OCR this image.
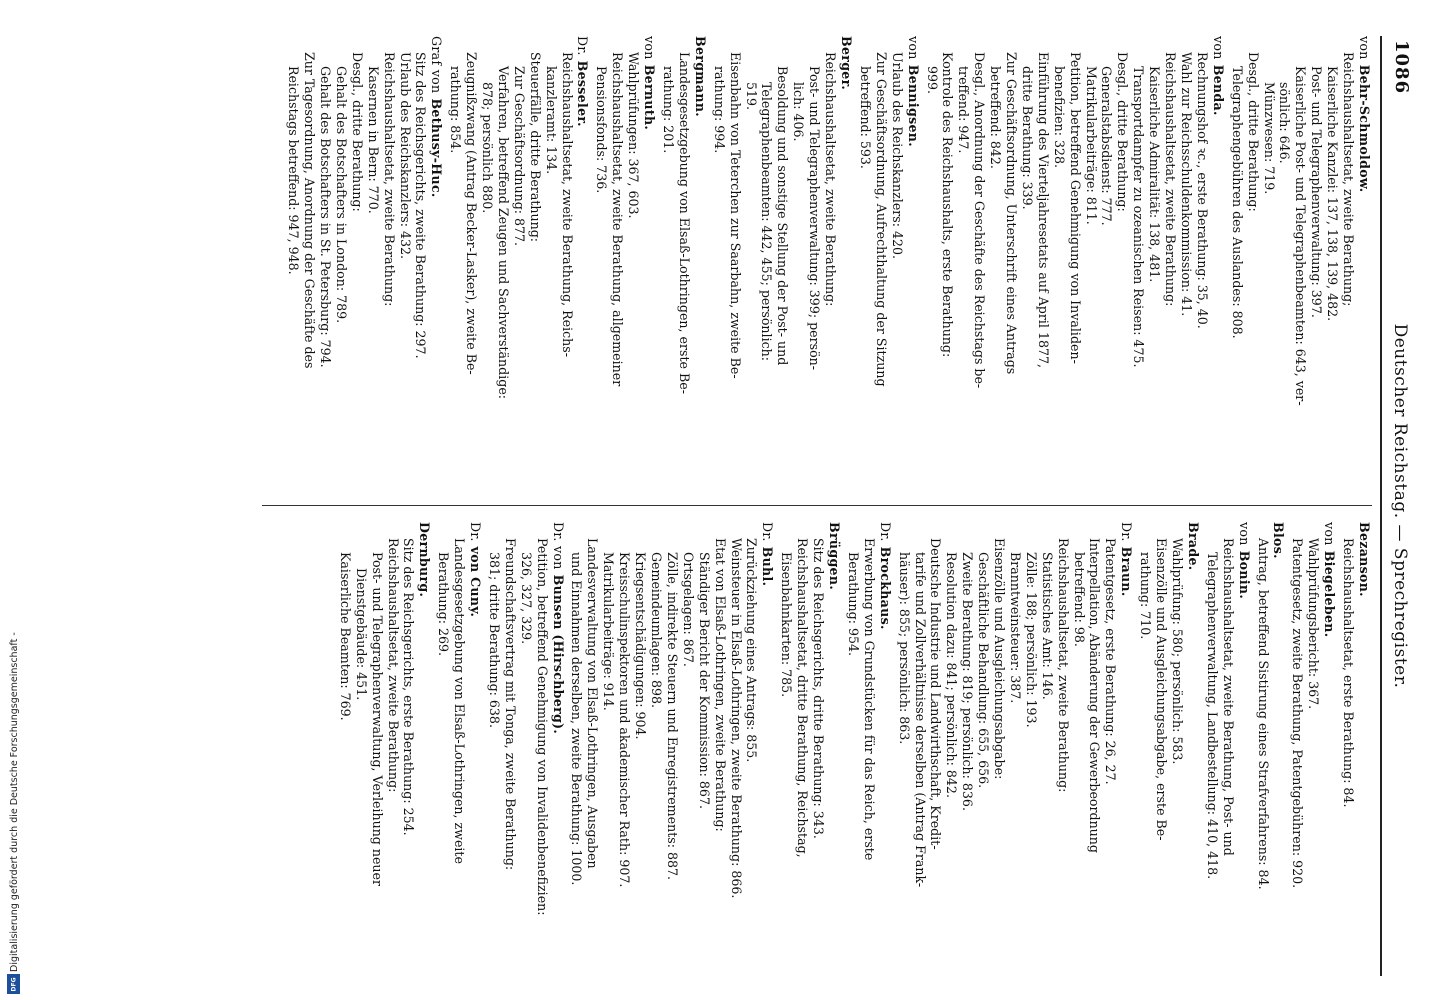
1086
Deutscher Reichstag. — Sprechregister.
vonBehr-Schmoldow.
Reichshaushaltsetat, zweite Berathung;
Kaiserliche Kanzlei: 137, 138, 139, 482.
Post- und Telegraphenverwaltung: 397.
Kaiserliche Post- und Telegraphenbeamten: 643, ver-
sönlich: 646.
Münzwesen: 719.
Desgl., dritte Berathung:
Telegraphengebühren des Auslandes: 808.
vonBenda.
Rechnungshof ꝛc., erste Berathung: 35, 40.
Wahl zur Reichsschuldenkommission: 41.
Reichshaushaltsetat, zweite Berathung:
Kaiserliche Admiralität: 138, 481.
Transportdampfer zu ozeanischen Reisen: 475.
Desgl., dritte Berathung:
Generalstabsdienst: 777.
Matrikularbeiträge: 811.
Petition, betreffend Genehmigung von Invaliden-
benefizien: 328.
Einführung des Vierteljahresetats auf April 1877,
dritte Berathung: 339.
Zur Geschäftsordnung, Unterschrift eines Antrags
betreffend: 842.
Desgl., Anordnung der Geschäfte des Reichstags be-
treffend: 947.
Kontrole des Reichshaushalts, erste Berathung:
999.
vonBennigsen.
Urlaub des Reichskanzlers: 420.
Zur Geschäftsordnung, Aufrechthaltung der Sitzung
betreffend: 593.
Berger.
Reichshaushaltsetat, zweite Berathung:
Post- und Telegraphenverwaltung: 399; persön-
lich: 406.
Besoldung und sonstige Stellung der Post- und
Telegraphenbeamten: 442, 455; persönlich:
519.
Eisenbahn von Teterchen zur Saarbahn, zweite Be-
rathung: 994.
Bergmann.
Landesgesetzgebung von Elsaß-Lothringen, erste Be-
rathung: 201.
vonBernuth.
Wahlprüfungen: 367, 603.
Reichshaushaltsetat, zweite Berathung, allgemeiner
Pensionsfonds: 736.
Dr.Besseler.
Reichshaushaltsetat, zweite Berathung, Reichs-
kanzleramt: 134.
Steuerfälle, dritte Berathung:
Zur Geschäftsordnung: 877.
Verfahren, betreffend Zeugen und Sachverständige:
878; persönlich 880.
Zeugnißzwang (Antrag Becker-Lasker), zweite Be-
rathung: 854.
Graf vonBethusy-Huc.
Sitz des Reichsgerichts, zweite Berathung: 297.
Urlaub des Reichskanzlers: 432.
Reichshaushaltsetat, zweite Berathung:
Kasernen in Bern: 770.
Desgl., dritte Berathung:
Gehalt des Botschafters in London: 789.
Gehalt des Botschafters in St. Petersburg: 794.
Zur Tagesordnung, Anordnung der Geschäfte des
Reichstags betreffend: 947, 948.
Bezanson.
Reichshaushaltsetat, erste Berathung: 84.
vonBiegeleben.
Wahlprüfungsbericht: 367.
Patentgesetz, zweite Berathung, Patentgebühren: 920.
Blos.
Antrag, betreffend Sistirung eines Strafverfahrens: 84.
vonBonin.
Reichshaushaltsetat, zweite Berathung, Post- und
Telegraphenverwaltung, Landbestellung: 410, 418.
Brade.
Wahlprüfung: 580; persönlich: 583.
Eisenzölle und Ausgleichungsabgabe, erste Be-
rathung: 710.
Dr.Braun.
Patentgesetz, erste Berathung: 26, 27.
Interpellation, Abänderung der Gewerbeordnung
betreffend: 98.
Reichshaushaltsetat, zweite Berathung:
Statistisches Amt: 146.
Zölle: 188; persönlich: 193.
Branntweinsteuer: 387.
Eisenzölle und Ausgleichungsabgabe:
Geschäftliche Behandlung: 655, 656.
Zweite Berathung: 819; persönlich: 836.
Resolution dazu: 841; persönlich: 842.
Deutsche Industrie und Landwirthschaft, Kredit-
tarife und Zollverhältnisse derselben (Antrag Frank-
häuser): 855; persönlich: 863.
Dr.Brockhaus.
Erwerbung von Grundstücken für das Reich, erste
Berathung: 954.
Brüggen.
Sitz des Reichsgerichts, dritte Berathung: 343.
Reichshaushaltsetat, dritte Berathung, Reichstag,
Eisenbahnkarten: 785.
Dr.Buhl.
Zurückziehung eines Antrags: 855.
Weinsteuer in Elsaß-Lothringen, zweite Berathung: 866.
Etat von Elsaß-Lothringen, zweite Berathung:
Ständiger Bericht der Kommission: 867.
Ortsgelagen: 867.
Zölle, indirekte Steuern und Enregistrements: 887.
Gemeindeumlagen: 898.
Kriegsentschädigungen: 904.
Kreisschulinspektoren und akademischer Rath: 907.
Matrikularbeiträge: 914.
Landesverwaltung von Elsaß-Lothringen, Ausgaben
und Einnahmen derselben, zweite Berathung: 1000.
Dr. vonBunsen (Hirschberg).
Petition, betreffend Genehmigung von Invalidenbenefizien:
326, 327, 329.
Freundschaftsvertrag mit Tonga, zweite Berathung:
381; dritte Berathung: 638.
Dr.von Cuny.
Landesgesetzgebung von Elsaß-Lothringen, zweite
Berathung: 269.
Dernburg.
Sitz des Reichsgerichts, erste Berathung: 254.
Reichshaushaltsetat, zweite Berathung:
Post- und Telegraphenverwaltung, Verleihung neuer
Dienstgebäude: 451.
Kaiserliche Beamten: 769.
Digitalisierung gefördert durch die Deutsche Forschungsgemeinschaft -
DFG
